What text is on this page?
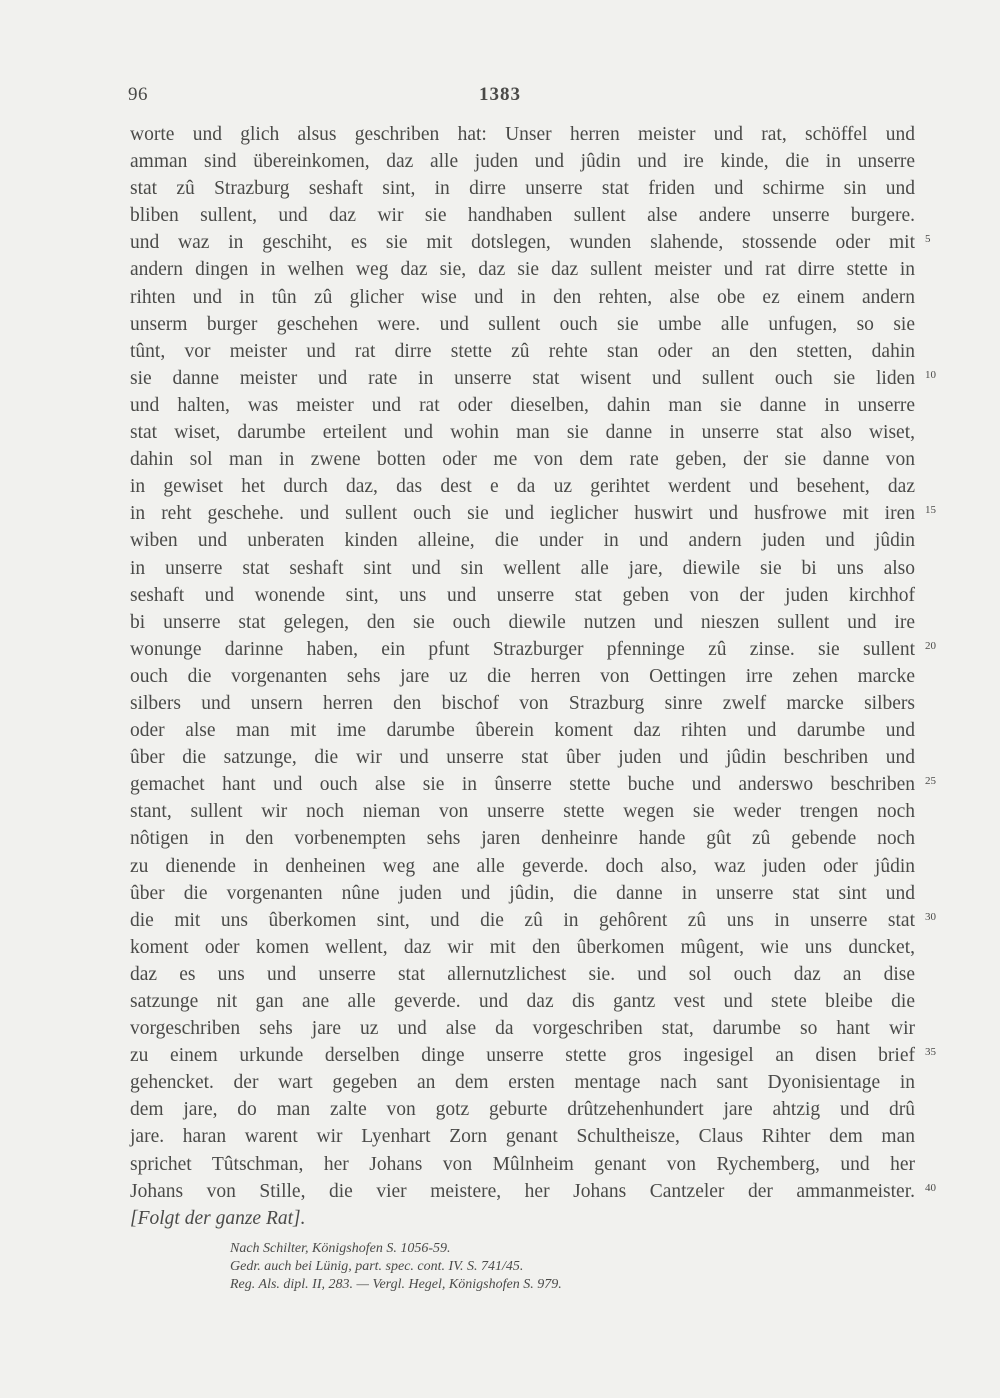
96	1383
worte und glich alsus geschriben hat: Unser herren meister und rat, schöffel und
amman sind übereinkomen, daz alle juden und jûdin und ire kinde, die in unserre
stat zû Strazburg seshaft sint, in dirre unserre stat friden und schirme sin und
bliben sullent, und daz wir sie handhaben sullent alse andere unserre burgere.
und waz in geschiht, es sie mit dotslegen, wunden slahende, stossende oder mit 5
andern dingen in welhen weg daz sie, daz sie daz sullent meister und rat dirre stette in
rihten und in tûn zû glicher wise und in den rehten, alse obe ez einem andern
unserm burger geschehen were. und sullent ouch sie umbe alle unfugen, so sie
tûnt, vor meister und rat dirre stette zû rehte stan oder an den stetten, dahin
sie danne meister und rate in unserre stat wisent und sullent ouch sie liden 10
und halten, was meister und rat oder dieselben, dahin man sie danne in unserre
stat wiset, darumbe erteilent und wohin man sie danne in unserre stat also wiset,
dahin sol man in zwene botten oder me von dem rate geben, der sie danne von
in gewiset het durch daz, das dest e da uz gerihtet werdent und besehent, daz
in reht geschehe. und sullent ouch sie und ieglicher huswirt und husfrowe mit iren 15
wiben und unberaten kinden alleine, die under in und andern juden und jûdin
in unserre stat seshaft sint und sin wellent alle jare, diewile sie bi uns also
seshaft und wonende sint, uns und unserre stat geben von der juden kirchhof
bi unserre stat gelegen, den sie ouch diewile nutzen und nieszen sullent und ire
wonunge darinne haben, ein pfunt Strazburger pfenninge zû zinse. sie sullent 20
ouch die vorgenanten sehs jare uz die herren von Oettingen irre zehen marcke
silbers und unsern herren den bischof von Strazburg sinre zwelf marcke silbers
oder alse man mit ime darumbe ûberein koment daz rihten und darumbe und
ûber die satzunge, die wir und unserre stat ûber juden und jûdin beschriben und
gemachet hant und ouch alse sie in ûnserre stette buche und anderswo beschriben 25
stant, sullent wir noch nieman von unserre stette wegen sie weder trengen noch
nôtigen in den vorbenempten sehs jaren denheinre hande gût zû gebende noch
zu dienende in denheinen weg ane alle geverde. doch also, waz juden oder jûdin
ûber die vorgenanten nûne juden und jûdin, die danne in unserre stat sint und
die mit uns ûberkomen sint, und die zû in gehôrent zû uns in unserre stat 30
koment oder komen wellent, daz wir mit den ûberkomen mûgent, wie uns duncket,
daz es uns und unserre stat allernutzlichest sie. und sol ouch daz an dise
satzunge nit gan ane alle geverde. und daz dis gantz vest und stete bleibe die
vorgeschriben sehs jare uz und alse da vorgeschriben stat, darumbe so hant wir
zu einem urkunde derselben dinge unserre stette gros ingesigel an disen brief 35
gehencket. der wart gegeben an dem ersten mentage nach sant Dyonisientage in
dem jare, do man zalte von gotz geburte drûtzehenhundert jare ahtzig und drû
jare. haran warent wir Lyenhart Zorn genant Schultheisze, Claus Rihter dem man
sprichet Tûtschman, her Johans von Mûlnheim genant von Rychemberg, und her
Johans von Stille, die vier meistere, her Johans Cantzeler der ammanmeister. 40
[Folgt der ganze Rat].
Nach Schilter, Königshofen S. 1056-59.
Gedr. auch bei Lünig, part. spec. cont. IV. S. 741/45.
Reg. Als. dipl. II, 283. — Vergl. Hegel, Königshofen S. 979.
